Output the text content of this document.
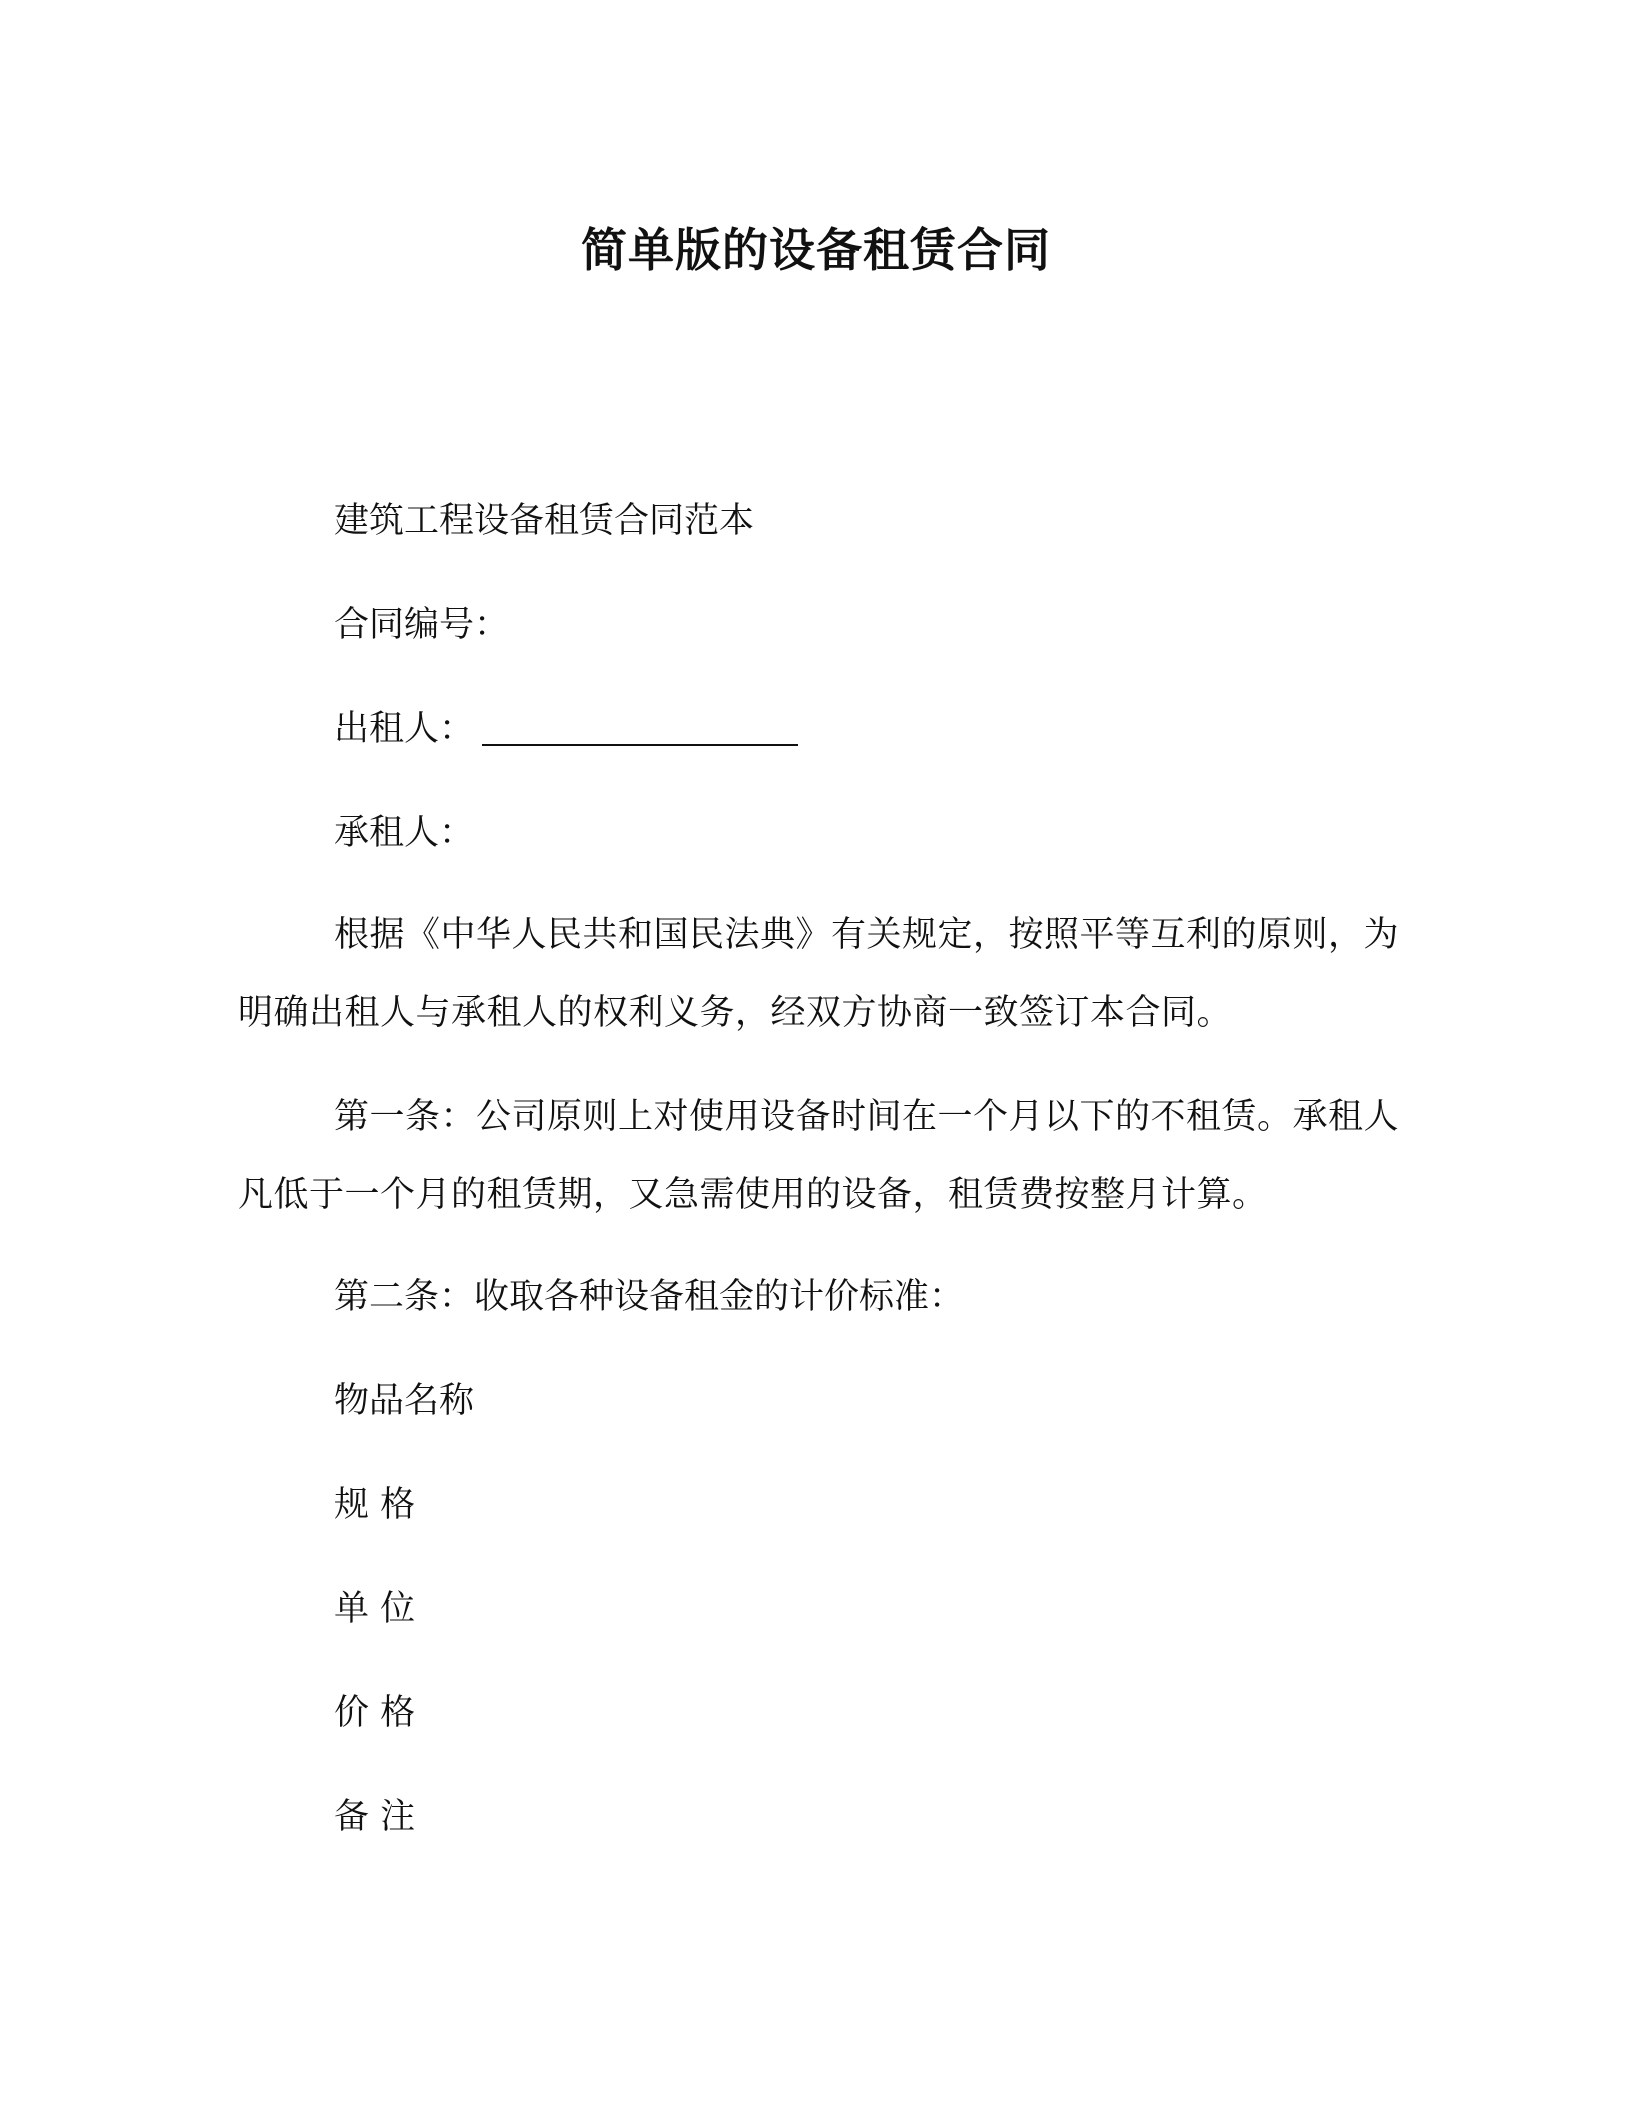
简单版的设备租赁合同
建筑工程设备租赁合同范本
合同编号：
出租人：
承租人：
根据《中华人民共和国民法典》有关规定，按照平等互利的原则，为明确出租人与承租人的权利义务，经双方协商一致签订本合同。
第一条：公司原则上对使用设备时间在一个月以下的不租赁。承租人凡低于一个月的租赁期，又急需使用的设备，租赁费按整月计算。
第二条：收取各种设备租金的计价标准：
物品名称
规 格
单 位
价 格
备 注
